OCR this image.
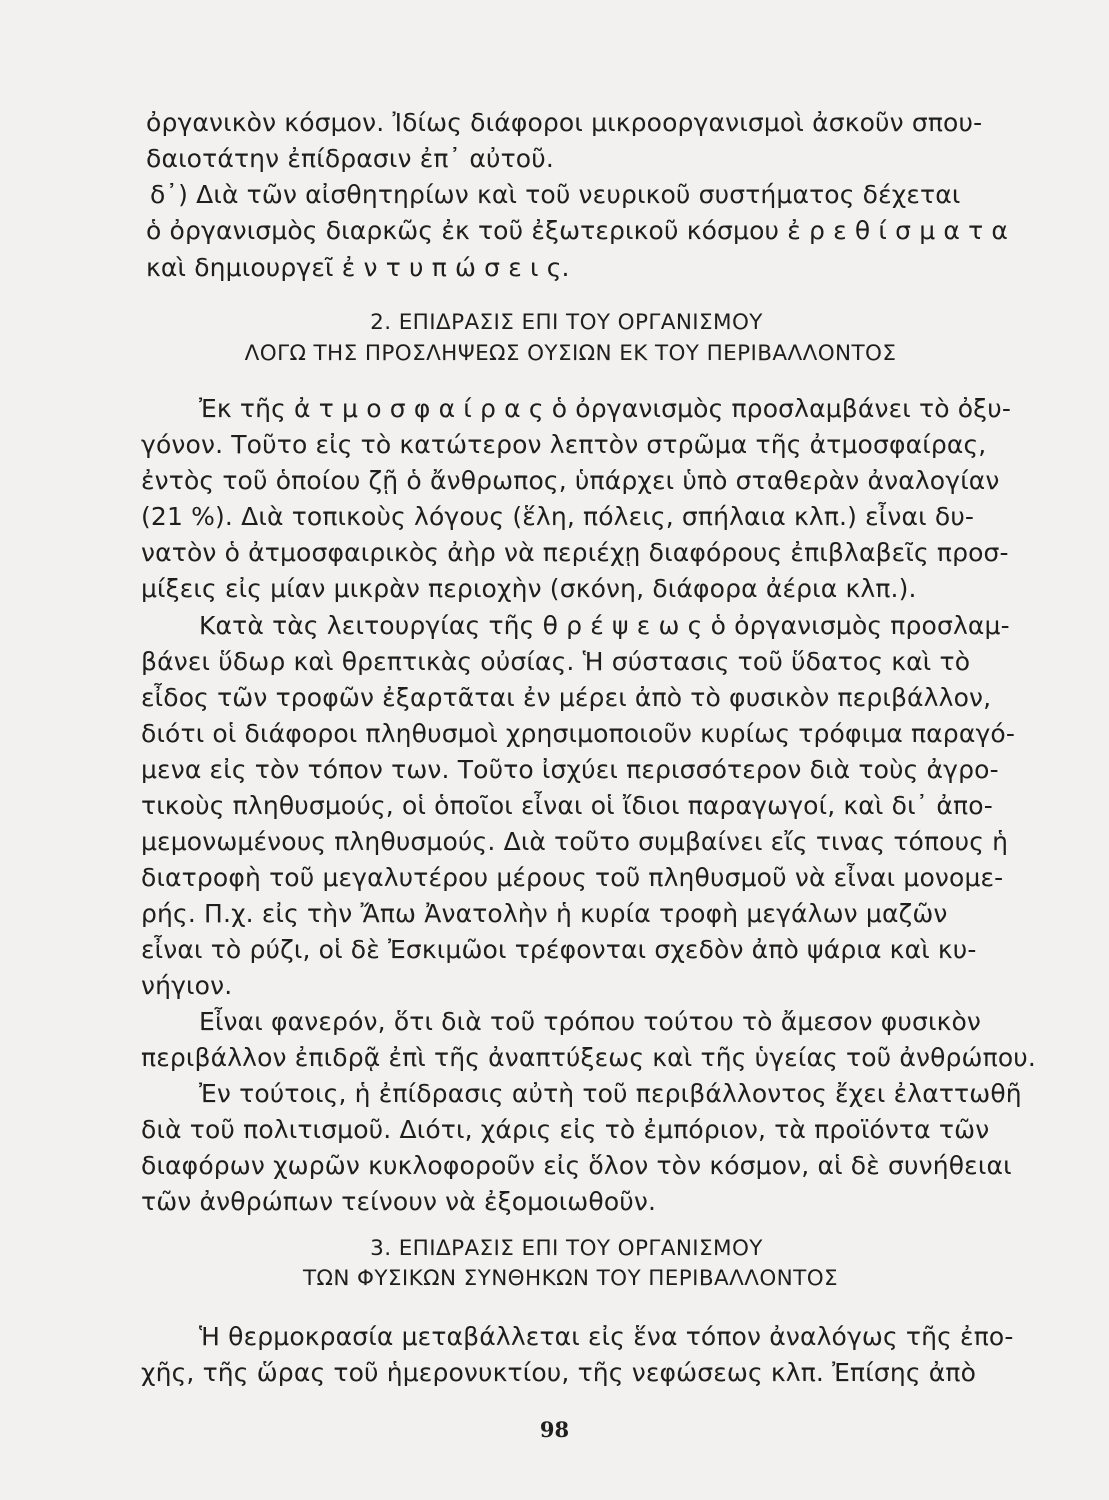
ὀργανικὸν κόσμον. Ἰδίως διάφοροι μικροοργανισμοὶ ἀσκοῦν σπου-
δαιοτάτην ἐπίδρασιν ἐπ᾽ αὐτοῦ.
δ᾽) Διὰ τῶν αἰσθητηρίων καὶ τοῦ νευρικοῦ συστήματος δέχεται
ὁ ὀργανισμὸς διαρκῶς ἐκ τοῦ ἐξωτερικοῦ κόσμου ἐ ρ ε θ ί σ μ α τ α
καὶ δημιουργεῖ ἐ ν τ υ π ώ σ ε ι ς.
2. ΕΠΙΔΡΑΣΙΣ ΕΠΙ ΤΟΥ ΟΡΓΑΝΙΣΜΟΥ
ΛΟΓΩ ΤΗΣ ΠΡΟΣΛΗΨΕΩΣ ΟΥΣΙΩΝ ΕΚ ΤΟΥ ΠΕΡΙΒΑΛΛΟΝΤΟΣ
Ἐκ τῆς ἀ τ μ ο σ φ α ί ρ α ς ὁ ὀργανισμὸς προσλαμβάνει τὸ ὀξυ-
γόνον. Τοῦτο εἰς τὸ κατώτερον λεπτὸν στρῶμα τῆς ἀτμοσφαίρας,
ἐντὸς τοῦ ὁποίου ζῇ ὁ ἄνθρωπος, ὑπάρχει ὑπὸ σταθερὰν ἀναλογίαν
(21 %). Διὰ τοπικοὺς λόγους (ἕλη, πόλεις, σπήλαια κλπ.) εἶναι δυ-
νατὸν ὁ ἀτμοσφαιρικὸς ἀὴρ νὰ περιέχῃ διαφόρους ἐπιβλαβεῖς προσ-
μίξεις εἰς μίαν μικρὰν περιοχὴν (σκόνη, διάφορα ἀέρια κλπ.).
Κατὰ τὰς λειτουργίας τῆς θ ρ έ ψ ε ω ς ὁ ὀργανισμὸς προσλαμ-
βάνει ὕδωρ καὶ θρεπτικὰς οὐσίας. Ἡ σύστασις τοῦ ὕδατος καὶ τὸ
εἶδος τῶν τροφῶν ἐξαρτᾶται ἐν μέρει ἀπὸ τὸ φυσικὸν περιβάλλον,
διότι οἱ διάφοροι πληθυσμοὶ χρησιμοποιοῦν κυρίως τρόφιμα παραγό-
μενα εἰς τὸν τόπον των. Τοῦτο ἰσχύει περισσότερον διὰ τοὺς ἀγρο-
τικοὺς πληθυσμούς, οἱ ὁποῖοι εἶναι οἱ ἴδιοι παραγωγοί, καὶ δι᾽ ἀπο-
μεμονωμένους πληθυσμούς. Διὰ τοῦτο συμβαίνει εἴς τινας τόπους ἡ
διατροφὴ τοῦ μεγαλυτέρου μέρους τοῦ πληθυσμοῦ νὰ εἶναι μονομε-
ρής. Π.χ. εἰς τὴν Ἄπω Ἀνατολὴν ἡ κυρία τροφὴ μεγάλων μαζῶν
εἶναι τὸ ρύζι, οἱ δὲ Ἐσκιμῶοι τρέφονται σχεδὸν ἀπὸ ψάρια καὶ κυ-
νήγιον.
Εἶναι φανερόν, ὅτι διὰ τοῦ τρόπου τούτου τὸ ἄμεσον φυσικὸν
περιβάλλον ἐπιδρᾷ ἐπὶ τῆς ἀναπτύξεως καὶ τῆς ὑγείας τοῦ ἀνθρώπου.
Ἐν τούτοις, ἡ ἐπίδρασις αὐτὴ τοῦ περιβάλλοντος ἔχει ἐλαττωθῆ
διὰ τοῦ πολιτισμοῦ. Διότι, χάρις εἰς τὸ ἐμπόριον, τὰ προϊόντα τῶν
διαφόρων χωρῶν κυκλοφοροῦν εἰς ὅλον τὸν κόσμον, αἱ δὲ συνήθειαι
τῶν ἀνθρώπων τείνουν νὰ ἐξομοιωθοῦν.
3. ΕΠΙΔΡΑΣΙΣ ΕΠΙ ΤΟΥ ΟΡΓΑΝΙΣΜΟΥ
ΤΩΝ ΦΥΣΙΚΩΝ ΣΥΝΘΗΚΩΝ ΤΟΥ ΠΕΡΙΒΑΛΛΟΝΤΟΣ
Ἡ θερμοκρασία μεταβάλλεται εἰς ἕνα τόπον ἀναλόγως τῆς ἐπο-
χῆς, τῆς ὥρας τοῦ ἡμερονυκτίου, τῆς νεφώσεως κλπ. Ἐπίσης ἀπὸ
98
